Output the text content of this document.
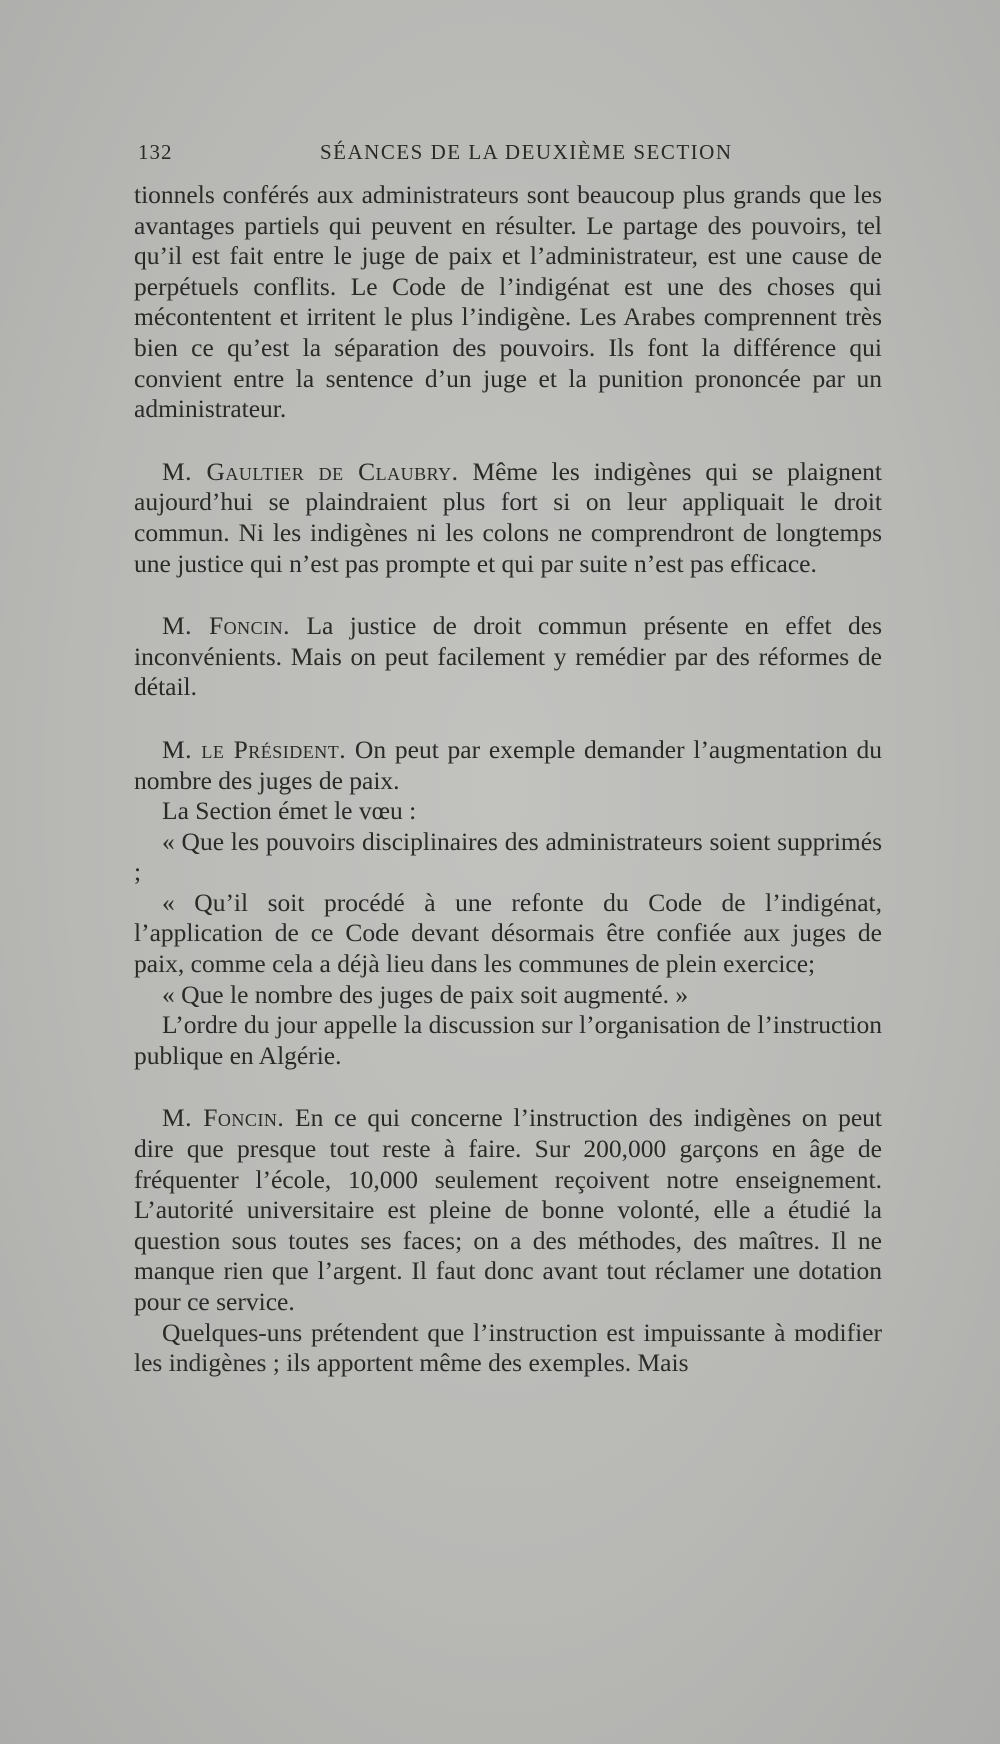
132	SÉANCES DE LA DEUXIÈME SECTION

tionnels conférés aux administrateurs sont beaucoup plus grands que les avantages partiels qui peuvent en résulter. Le partage des pouvoirs, tel qu’il est fait entre le juge de paix et l’administrateur, est une cause de perpétuels conflits. Le Code de l’indigénat est une des choses qui mécontentent et irritent le plus l’indigène. Les Arabes comprennent très bien ce qu’est la séparation des pouvoirs. Ils font la différence qui convient entre la sentence d’un juge et la punition prononcée par un administrateur.

M. Gaultier de Claubry. Même les indigènes qui se plaignent aujourd’hui se plaindraient plus fort si on leur appliquait le droit commun. Ni les indigènes ni les colons ne comprendront de longtemps une justice qui n’est pas prompte et qui par suite n’est pas efficace.

M. Foncin. La justice de droit commun présente en effet des inconvénients. Mais on peut facilement y remédier par des réformes de détail.

M. le Président. On peut par exemple demander l’augmentation du nombre des juges de paix.

La Section émet le vœu :

« Que les pouvoirs disciplinaires des administrateurs soient supprimés ;

« Qu’il soit procédé à une refonte du Code de l’indigénat, l’application de ce Code devant désormais être confiée aux juges de paix, comme cela a déjà lieu dans les communes de plein exercice;

« Que le nombre des juges de paix soit augmenté. »

L’ordre du jour appelle la discussion sur l’organisation de l’instruction publique en Algérie.

M. Foncin. En ce qui concerne l’instruction des indigènes on peut dire que presque tout reste à faire. Sur 200,000 garçons en âge de fréquenter l’école, 10,000 seulement reçoivent notre enseignement. L’autorité universitaire est pleine de bonne volonté, elle a étudié la question sous toutes ses faces; on a des méthodes, des maîtres. Il ne manque rien que l’argent. Il faut donc avant tout réclamer une dotation pour ce service.

Quelques-uns prétendent que l’instruction est impuissante à modifier les indigènes ; ils apportent même des exemples. Mais
